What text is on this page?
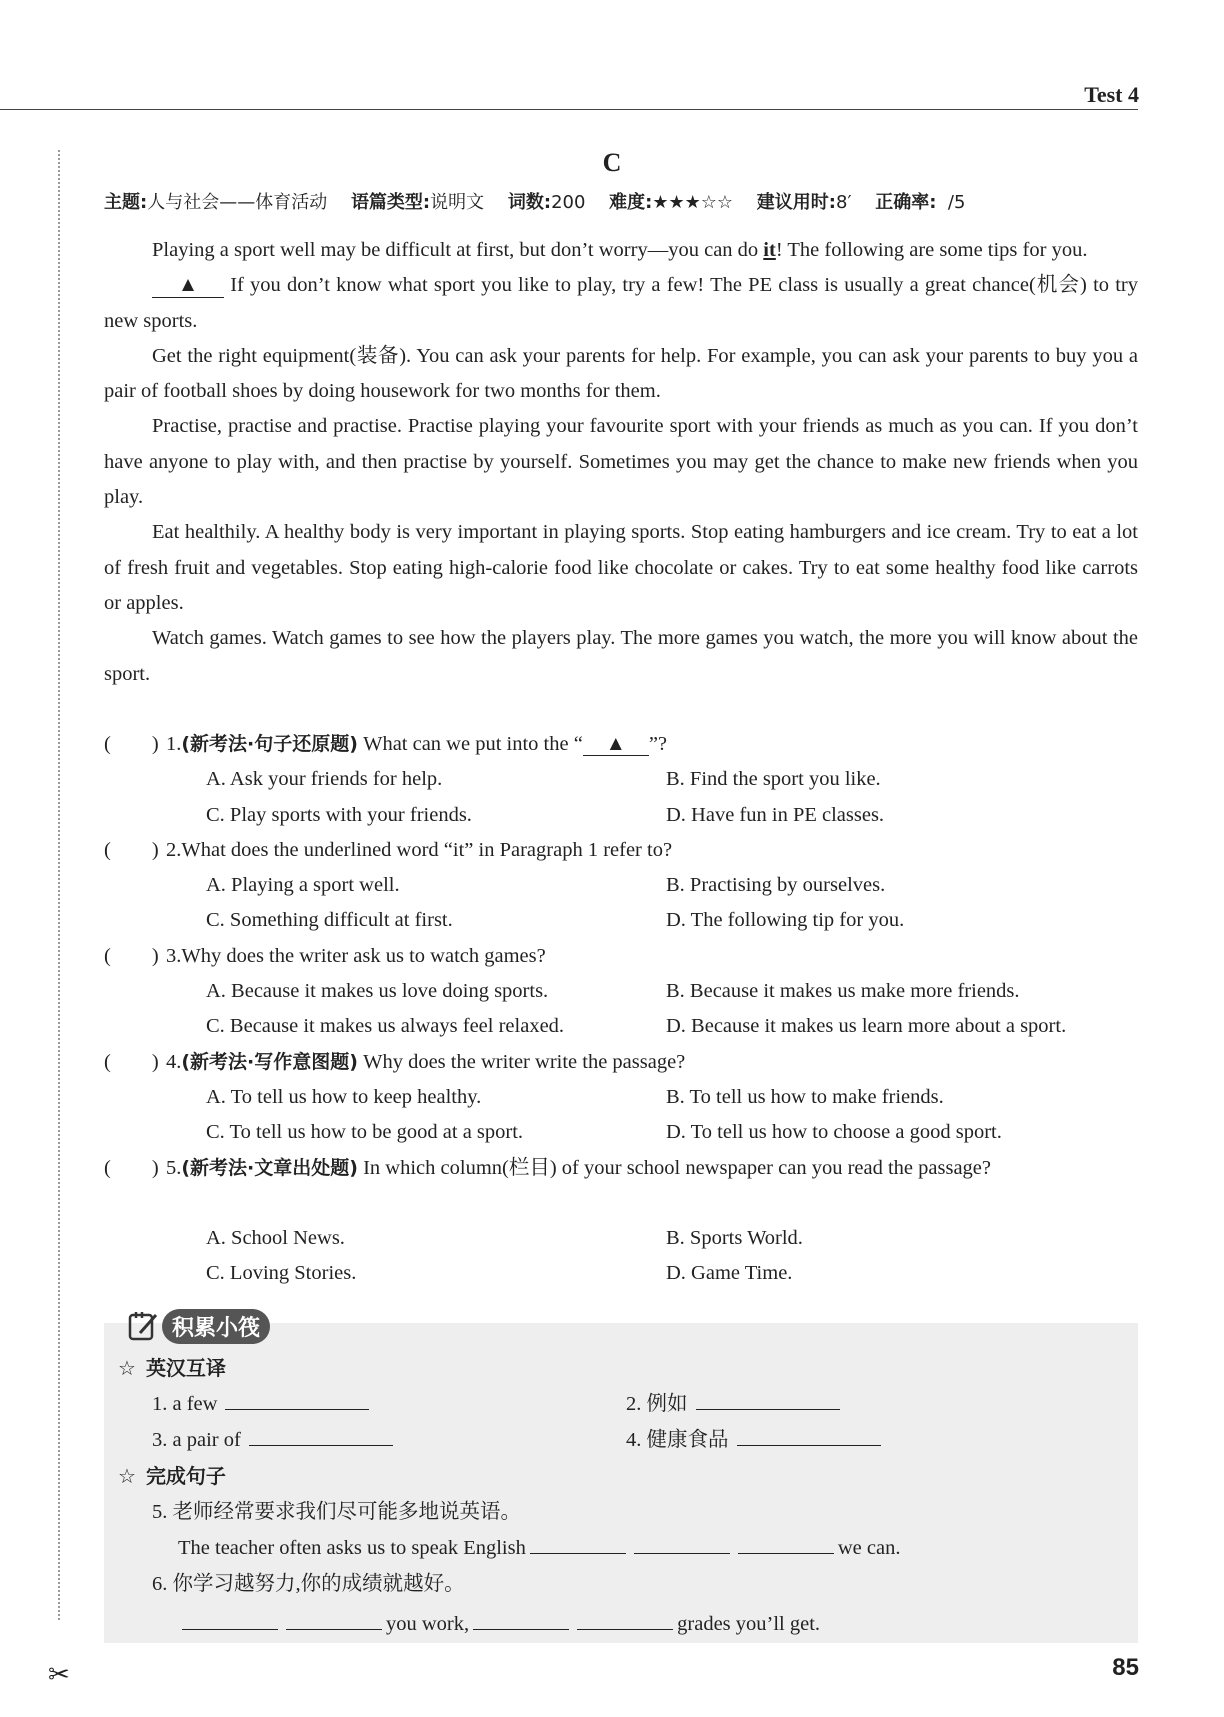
Test 4
✂	85
C
主题:人与社会——体育活动 语篇类型:说明文 词数:200 难度:★★★☆☆ 建议用时:8′ 正确率:  /5

Playing a sport well may be difficult at first, but don’t worry—you can do it! The following are some tips for you.

▲ If you don’t know what sport you like to play, try a few! The PE class is usually a great chance(机会) to try new sports.

Get the right equipment(装备). You can ask your parents for help. For example, you can ask your parents to buy you a pair of football shoes by doing housework for two months for them.

Practise, practise and practise. Practise playing your favourite sport with your friends as much as you can. If you don’t have anyone to play with, and then practise by yourself. Sometimes you may get the chance to make new friends when you play.

Eat healthily. A healthy body is very important in playing sports. Stop eating hamburgers and ice cream. Try to eat a lot of fresh fruit and vegetables. Stop eating high-calorie food like chocolate or cakes. Try to eat some healthy food like carrots or apples.

Watch games. Watch games to see how the players play. The more games you watch, the more you will know about the sport.

(        ) 1.(新考法·句子还原题) What can we put into the “ ▲ ”?
A. Ask your friends for help.	B. Find the sport you like.
C. Play sports with your friends.	D. Have fun in PE classes.
(        ) 2.What does the underlined word “it” in Paragraph 1 refer to?
A. Playing a sport well.	B. Practising by ourselves.
C. Something difficult at first.	D. The following tip for you.
(        ) 3.Why does the writer ask us to watch games?
A. Because it makes us love doing sports.	B. Because it makes us make more friends.
C. Because it makes us always feel relaxed.	D. Because it makes us learn more about a sport.
(        ) 4.(新考法·写作意图题) Why does the writer write the passage?
A. To tell us how to keep healthy.	B. To tell us how to make friends.
C. To tell us how to be good at a sport.	D. To tell us how to choose a good sport.
(        ) 5.(新考法·文章出处题) In which column(栏目) of your school newspaper can you read the passage?
A. School News.	B. Sports World.
C. Loving Stories.	D. Game Time.
积累小筏
☆ 英汉互译
1. a few	2. 例如
3. a pair of	4. 健康食品
☆ 完成句子
5. 老师经常要求我们尽可能多地说英语。
The teacher often asks us to speak English	we can.
6. 你学习越努力,你的成绩就越好。
you work,	grades you’ll get.
